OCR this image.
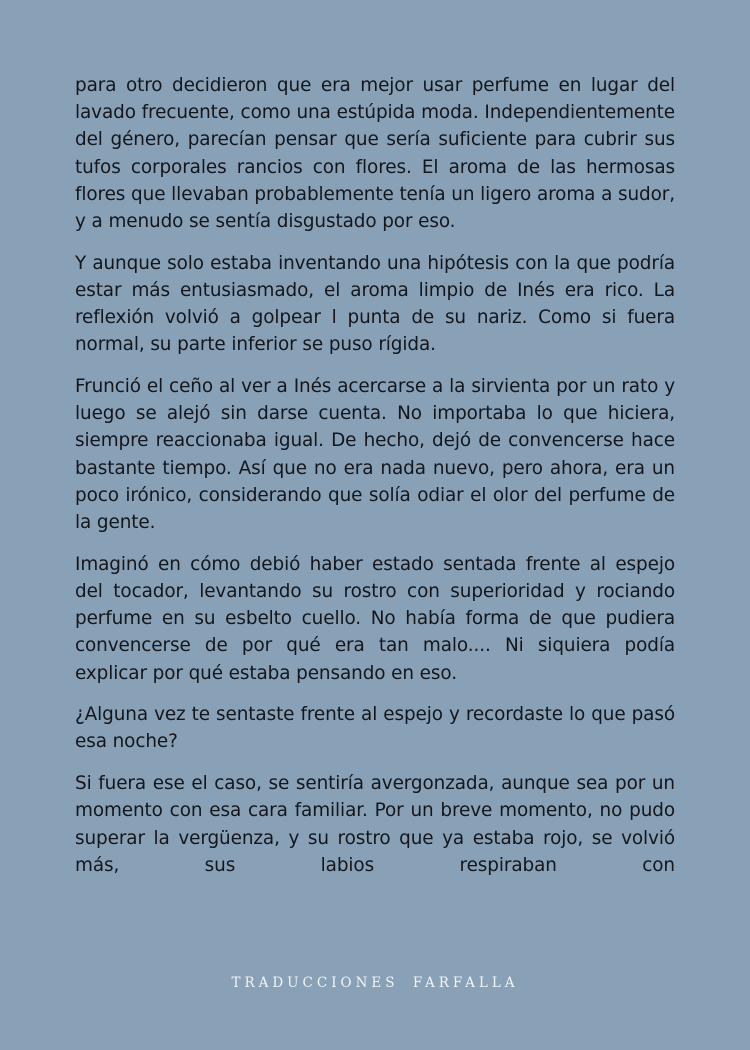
para otro decidieron que era mejor usar perfume en lugar del lavado frecuente, como una estúpida moda. Independientemente del género, parecían pensar que sería suficiente para cubrir sus tufos corporales rancios con flores. El aroma de las hermosas flores que llevaban probablemente tenía un ligero aroma a sudor, y a menudo se sentía disgustado por eso.

Y aunque solo estaba inventando una hipótesis con la que podría estar más entusiasmado, el aroma limpio de Inés era rico. La reflexión volvió a golpear l punta de su nariz. Como si fuera normal, su parte inferior se puso rígida.

Frunció el ceño al ver a Inés acercarse a la sirvienta por un rato y luego se alejó sin darse cuenta. No importaba lo que hiciera, siempre reaccionaba igual. De hecho, dejó de convencerse hace bastante tiempo. Así que no era nada nuevo, pero ahora, era un poco irónico, considerando que solía odiar el olor del perfume de la gente.

Imaginó en cómo debió haber estado sentada frente al espejo del tocador, levantando su rostro con superioridad y rociando perfume en su esbelto cuello. No había forma de que pudiera convencerse de por qué era tan malo.... Ni siquiera podía explicar por qué estaba pensando en eso.

¿Alguna vez te sentaste frente al espejo y recordaste lo que pasó esa noche?

Si fuera ese el caso, se sentiría avergonzada, aunque sea por un momento con esa cara familiar. Por un breve momento, no pudo superar la vergüenza, y su rostro que ya estaba rojo, se volvió más, sus labios respiraban con

TRADUCCIONES FARFALLA
